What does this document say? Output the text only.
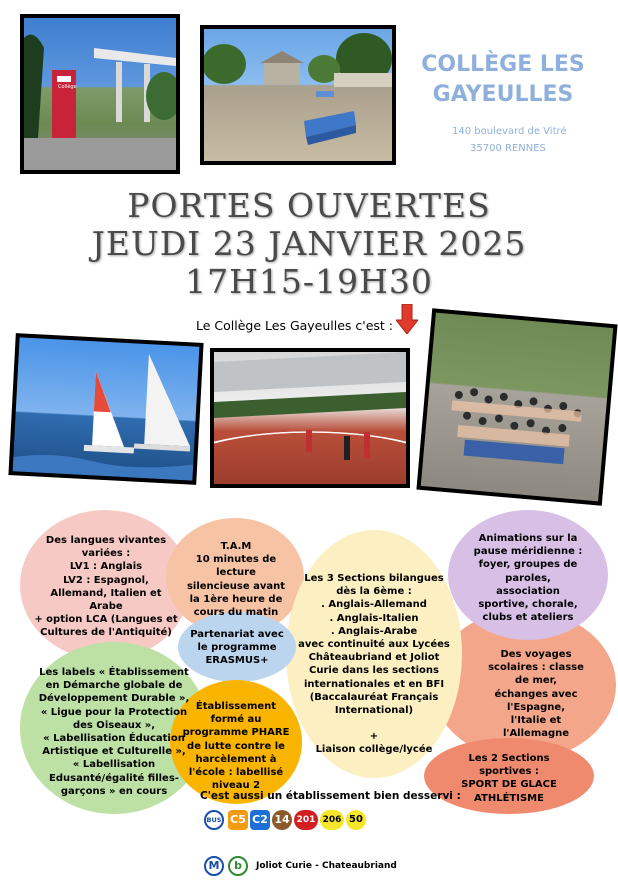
Collège
COLLÈGE LES GAYEULLES
140 boulevard de Vitré
35700 RENNES
PORTES OUVERTES
JEUDI 23 JANVIER 2025
17H15-19H30
Le Collège Les Gayeulles c'est :
Des langues vivantes
variées :
LV1 : Anglais
LV2 : Espagnol,
Allemand, Italien et
Arabe
+ option LCA (Langues et
Cultures de l'Antiquité)
T.A.M
10 minutes de
lecture
silencieuse avant
la 1ère heure de
cours du matin
Les 3 Sections bilangues
dès la 6ème :
. Anglais-Allemand
. Anglais-Italien
. Anglais-Arabe
avec continuité aux Lycées
Châteaubriand et Joliot
Curie dans les sections
internationales et en BFI
(Baccalauréat Français
International)
+
Liaison collège/lycée
Animations sur la
pause méridienne :
foyer, groupes de
paroles,
association
sportive, chorale,
clubs et ateliers
Partenariat avec
le programme
ERASMUS+
Les labels « Établissement
en Démarche globale de
Développement Durable »,
« Ligue pour la Protection
des Oiseaux »,
« Labellisation Éducation
Artistique et Culturelle »,
« Labellisation
Edusanté/égalité filles-
garçons » en cours
Établissement
formé au
programme PHARE
de lutte contre le
harcèlement à
l'école : labellisé
niveau 2
Des voyages
scolaires : classe
de mer,
échanges avec
l'Espagne,
l'Italie et
l'Allemagne
Les 2 Sections
sportives :
SPORT DE GLACE
ATHLÉTISME
C'est aussi un établissement bien desservi :
BUS C5 C2 14 201 206 50
M	b	Joliot Curie - Chateaubriand
